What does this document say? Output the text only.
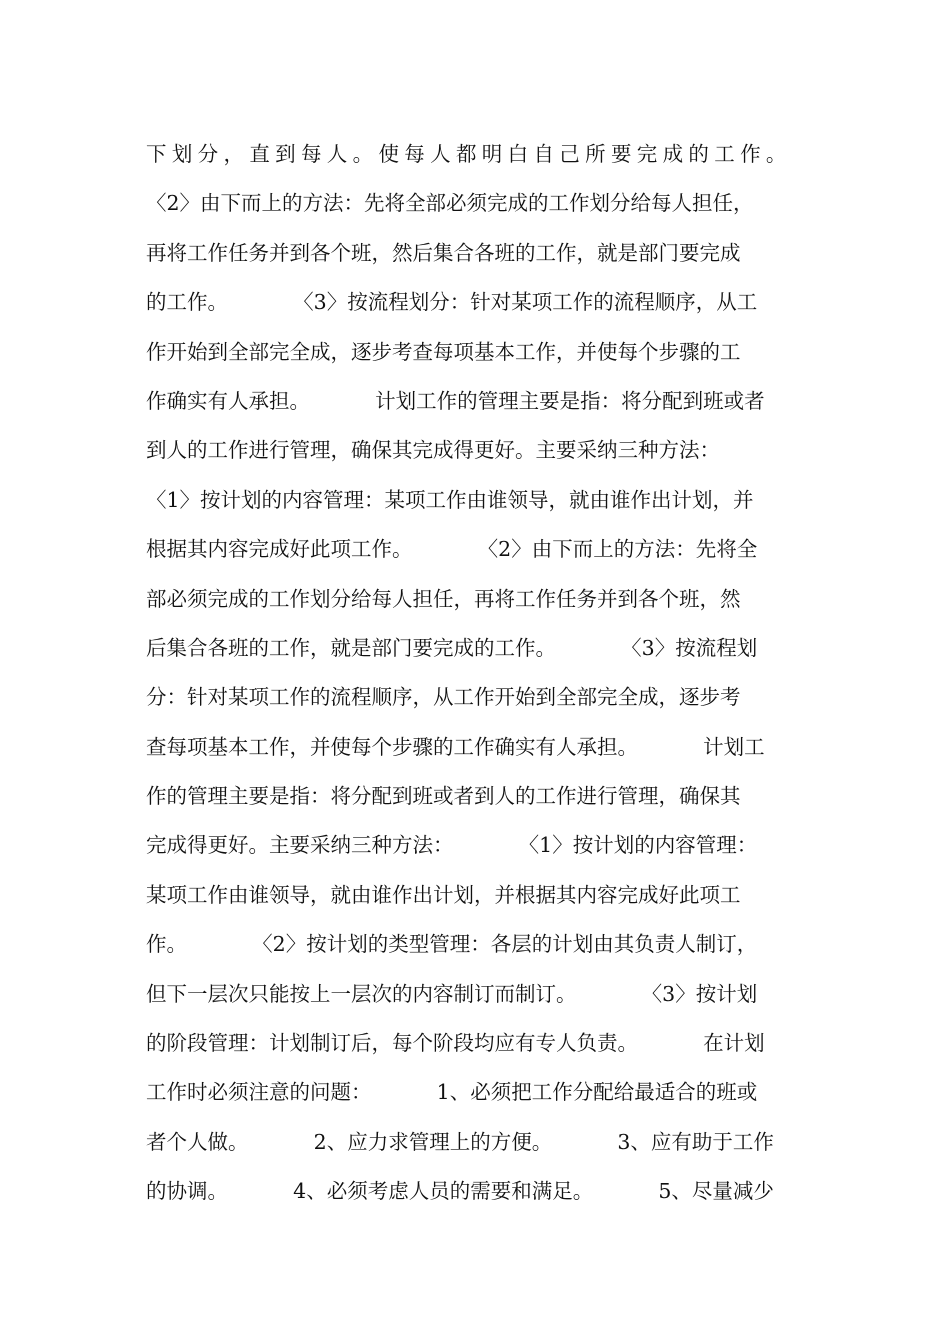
下划分，直到每人。使每人都明白自己所要完成的工作。
〈2〉由下而上的方法：先将全部必须完成的工作划分给每人担任，
再将工作任务并到各个班，然后集合各班的工作，就是部门要完成
的工作。          〈3〉按流程划分：针对某项工作的流程顺序，从工
作开始到全部完全成，逐步考查每项基本工作，并使每个步骤的工
作确实有人承担。          计划工作的管理主要是指：将分配到班或者
到人的工作进行管理，确保其完成得更好。主要采纳三种方法：
〈1〉按计划的内容管理：某项工作由谁领导，就由谁作出计划，并
根据其内容完成好此项工作。          〈2〉由下而上的方法：先将全
部必须完成的工作划分给每人担任，再将工作任务并到各个班，然
后集合各班的工作，就是部门要完成的工作。          〈3〉按流程划
分：针对某项工作的流程顺序，从工作开始到全部完全成，逐步考
查每项基本工作，并使每个步骤的工作确实有人承担。          计划工
作的管理主要是指：将分配到班或者到人的工作进行管理，确保其
完成得更好。主要采纳三种方法：          〈1〉按计划的内容管理：
某项工作由谁领导，就由谁作出计划，并根据其内容完成好此项工
作。          〈2〉按计划的类型管理：各层的计划由其负责人制订，
但下一层次只能按上一层次的内容制订而制订。          〈3〉按计划
的阶段管理：计划制订后，每个阶段均应有专人负责。          在计划
工作时必须注意的问题：          1、必须把工作分配给最适合的班或
者个人做。          2、应力求管理上的方便。          3、应有助于工作
的协调。          4、必须考虑人员的需要和满足。          5、尽量减少
